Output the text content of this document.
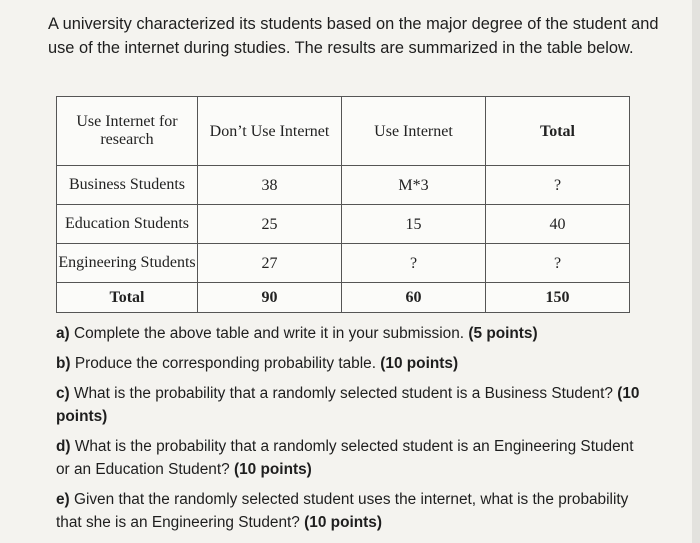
A university characterized its students based on the major degree of the student and use of the internet during studies. The results are summarized in the table below.
Use Internet for research	Don’t Use Internet	Use Internet	Total
Business Students	38	M*3	?
Education Students	25	15	40
Engineering Students	27	?	?
Total	90	60	150
a) Complete the above table and write it in your submission. (5 points)
b) Produce the corresponding probability table. (10 points)
c) What is the probability that a randomly selected student is a Business Student? (10 points)
d) What is the probability that a randomly selected student is an Engineering Student or an Education Student? (10 points)
e) Given that the randomly selected student uses the internet, what is the probability that she is an Engineering Student? (10 points)
